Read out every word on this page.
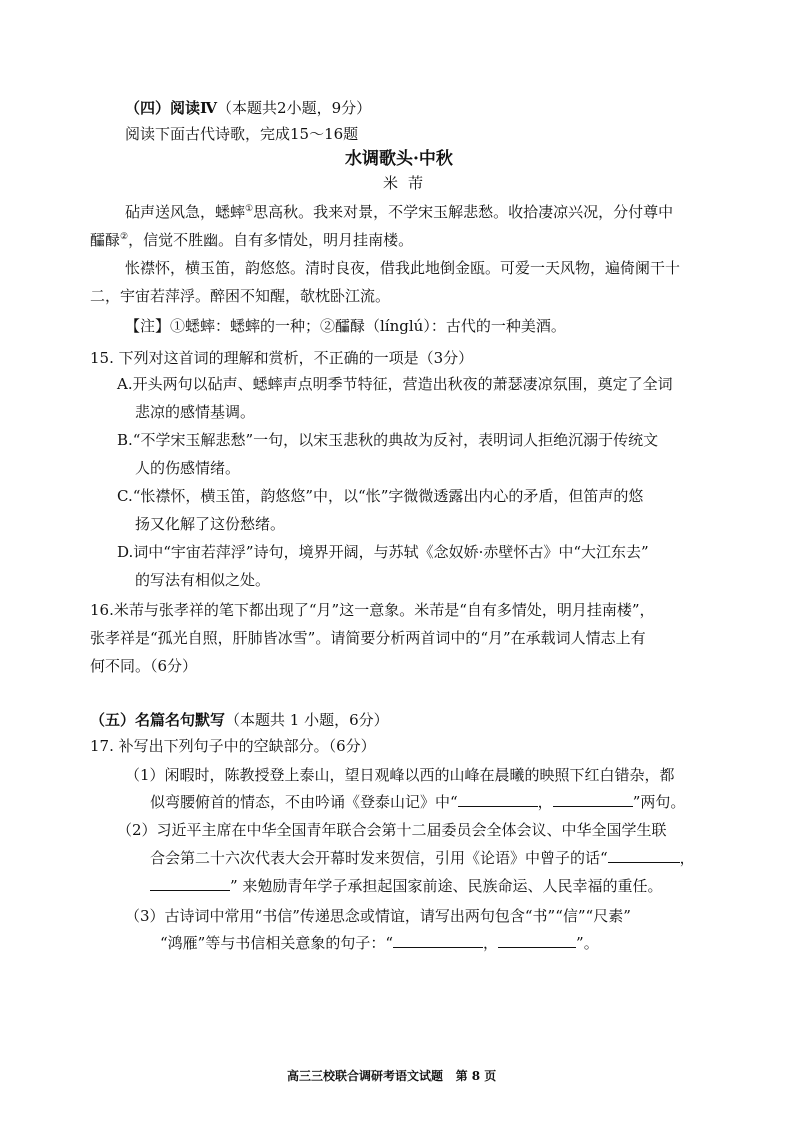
（四）阅读Ⅳ（本题共2小题，9分）
阅读下面古代诗歌，完成15～16题
水调歌头·中秋
米芾
砧声送风急，蟋蟀①思高秋。我来对景，不学宋玉解悲愁。收拾凄凉兴况，分付尊中
醽醁②，信觉不胜幽。自有多情处，明月挂南楼。
怅襟怀，横玉笛，韵悠悠。清时良夜，借我此地倒金瓯。可爱一天风物，遍倚阑干十
二，宇宙若萍浮。醉困不知醒，欹枕卧江流。
【注】①蟋蟀：蟋蟀的一种；②醽醁（línglú）：古代的一种美酒。
15. 下列对这首词的理解和赏析，不正确的一项是（3分）
A.开头两句以砧声、蟋蟀声点明季节特征，营造出秋夜的萧瑟凄凉氛围，奠定了全词
悲凉的感情基调。
B.“不学宋玉解悲愁”一句，以宋玉悲秋的典故为反衬，表明词人拒绝沉溺于传统文
人的伤感情绪。
C.“怅襟怀，横玉笛，韵悠悠”中，以“怅”字微微透露出内心的矛盾，但笛声的悠
扬又化解了这份愁绪。
D.词中“宇宙若萍浮”诗句，境界开阔，与苏轼《念奴娇·赤壁怀古》中“大江东去”
的写法有相似之处。
16.米芾与张孝祥的笔下都出现了“月”这一意象。米芾是“自有多情处，明月挂南楼”，
张孝祥是“孤光自照，肝肺皆冰雪”。请简要分析两首词中的“月”在承载词人情志上有
何不同。（6分）
（五）名篇名句默写（本题共 1 小题，6分）
17. 补写出下列句子中的空缺部分。（6分）
（1）闲暇时，陈教授登上泰山，望日观峰以西的山峰在晨曦的映照下红白错杂，都
似弯腰俯首的情态，不由吟诵《登泰山记》中“	，	”两句。
（2）习近平主席在中华全国青年联合会第十二届委员会全体会议、中华全国学生联
合会第二十六次代表大会开幕时发来贺信，引用《论语》中曾子的话“	，
” 来勉励青年学子承担起国家前途、民族命运、人民幸福的重任。
（3）古诗词中常用“书信”传递思念或情谊，请写出两句包含“书”“信”“尺素”
“鸿雁”等与书信相关意象的句子：“	，	”。
高三三校联合调研考语文试题 第 8 页
